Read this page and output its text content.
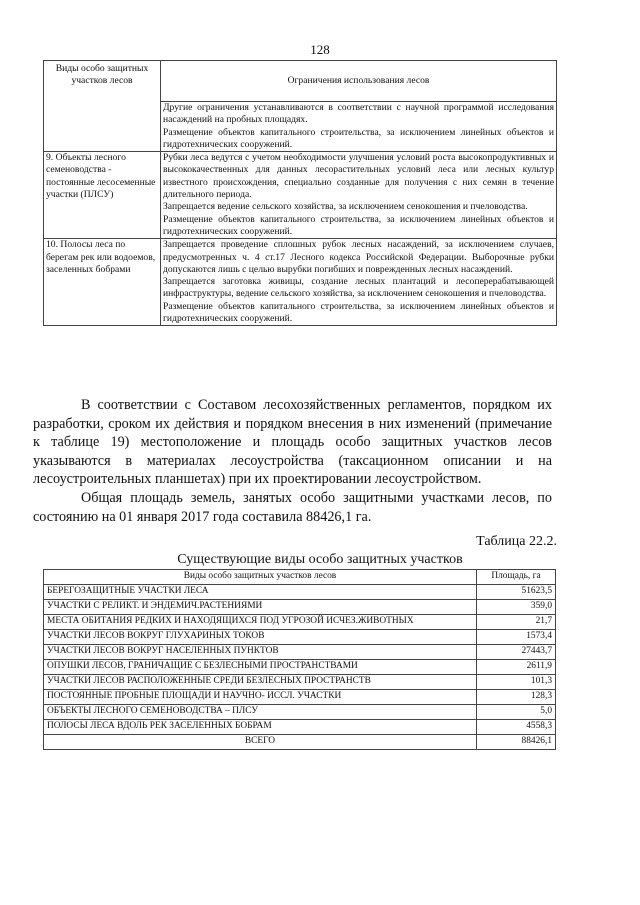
128
Виды особо защитных участков лесов	Ограничения использования лесов

	Другие ограничения устанавливаются в соответствии с научной программой исследования насаждений на пробных площадях.
Размещение объектов капитального строительства, за исключением линейных объектов и гидротехнических сооружений.

9. Объекты лесного семеноводства - постоянные лесосеменные участки (ПЛСУ)	Рубки леса ведутся с учетом необходимости улучшения условий роста высокопродуктивных и высококачественных для данных лесорастительных условий леса или лесных культур известного происхождения, специально созданные для получения с них семян в течение длительного периода.
Запрещается ведение сельского хозяйства, за исключением сенокошения и пчеловодства.
Размещение объектов капитального строительства, за исключением линейных объектов и гидротехнических сооружений.

10. Полосы леса по берегам рек или водоемов, заселенных бобрами	Запрещается проведение сплошных рубок лесных насаждений, за исключением случаев, предусмотренных ч. 4 ст.17 Лесного кодекса Российской Федерации. Выборочные рубки допускаются лишь с целью вырубки погибших и поврежденных лесных насаждений.
Запрещается заготовка живицы, создание лесных плантаций и лесоперерабатывающей инфраструктуры, ведение сельского хозяйства, за исключением сенокошения и пчеловодства.
Размещение объектов капитального строительства, за исключением линейных объектов и гидротехнических сооружений.

В соответствии с Составом лесохозяйственных регламентов, порядком их разработки, сроком их действия и порядком внесения в них изменений (примечание к таблице 19) местоположение и площадь особо защитных участков лесов указываются в материалах лесоустройства (таксационном описании и на лесоустроительных планшетах) при их проектировании лесоустройством.

Общая площадь земель, занятых особо защитными участками лесов, по состоянию на 01 января 2017 года составила 88426,1 га.

Таблица 22.2.
Существующие виды особо защитных участков
Виды особо защитных участков лесов	Площадь, га
БЕРЕГОЗАЩИТНЫЕ УЧАСТКИ ЛЕСА	51623,5
УЧАСТКИ С РЕЛИКТ. И ЭНДЕМИЧ.РАСТЕНИЯМИ	359,0
МЕСТА ОБИТАНИЯ РЕДКИХ И НАХОДЯЩИХСЯ ПОД УГРОЗОЙ ИСЧЕЗ.ЖИВОТНЫХ	21,7
УЧАСТКИ ЛЕСОВ ВОКРУГ ГЛУХАРИНЫХ ТОКОВ	1573,4
УЧАСТКИ ЛЕСОВ ВОКРУГ НАСЕЛЕННЫХ ПУНКТОВ	27443,7
ОПУШКИ ЛЕСОВ, ГРАНИЧАЩИЕ С БЕЗЛЕСНЫМИ ПРОСТРАНСТВАМИ	2611,9
УЧАСТКИ ЛЕСОВ РАСПОЛОЖЕННЫЕ СРЕДИ БЕЗЛЕСНЫХ ПРОСТРАНСТВ	101,3
ПОСТОЯННЫЕ ПРОБНЫЕ ПЛОЩАДИ И НАУЧНО- ИССЛ. УЧАСТКИ	128,3
ОБЪЕКТЫ ЛЕСНОГО СЕМЕНОВОДСТВА – ПЛСУ	5,0
ПОЛОСЫ ЛЕСА ВДОЛЬ РЕК ЗАСЕЛЕННЫХ БОБРАМ	4558,3
ВСЕГО	88426,1
